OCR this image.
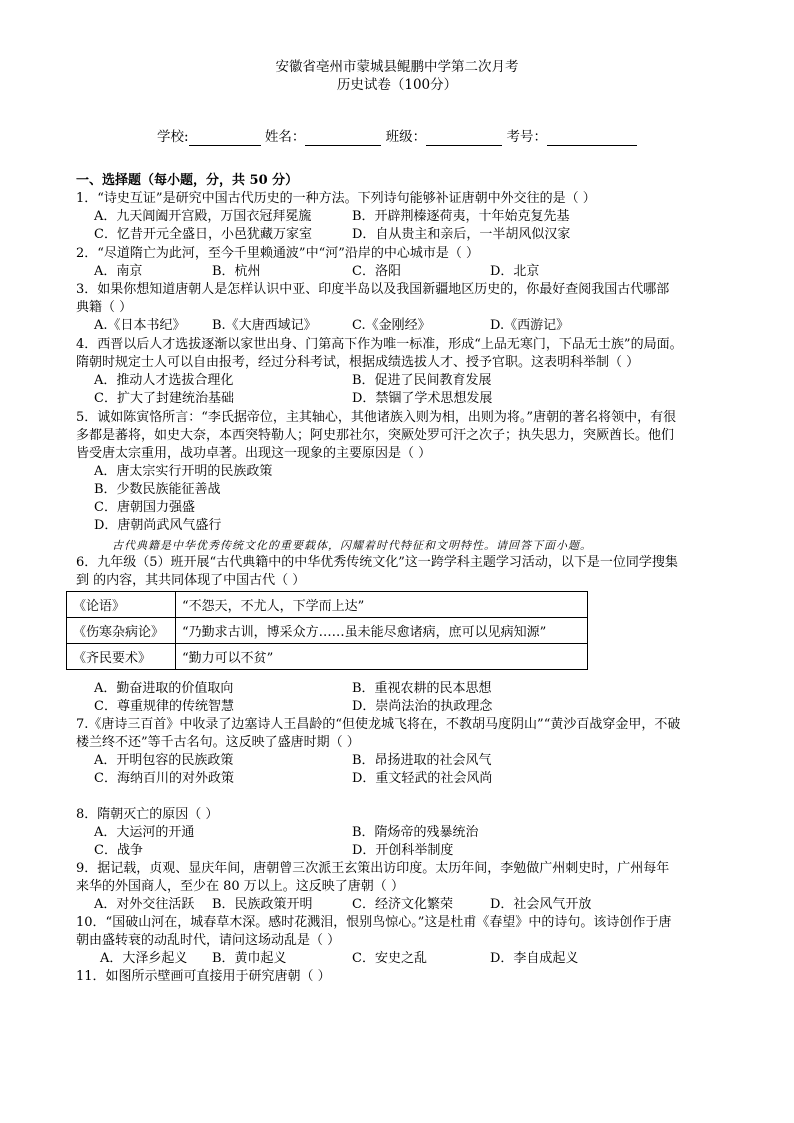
安徽省亳州市蒙城县鲲鹏中学第二次月考
历史试卷（100分）
学校:	姓名：	班级：	考号：
一、选择题（每小题，分，共 50 分）
1．“诗史互证”是研究中国古代历史的一种方法。下列诗句能够补证唐朝中外交往的是（ ）
A．九天阊阖开宫殿，万国衣冠拜冕旒	B．开辟荆榛逐荷夷，十年始克复先基
C．忆昔开元全盛日，小邑犹藏万家室	D．自从贵主和亲后，一半胡风似汉家
2．“尽道隋亡为此河，至今千里赖通波”中“河”沿岸的中心城市是（ ）
A．南京	B．杭州	C．洛阳	D．北京
3．如果你想知道唐朝人是怎样认识中亚、印度半岛以及我国新疆地区历史的，你最好查阅我国古代哪部
典籍（ ）
A.《日本书纪》 B.《大唐西域记》	C.《金刚经》	D.《西游记》
4．西晋以后人才选拔逐渐以家世出身、门第高下作为唯一标准，形成“上品无寒门，下品无士族”的局面。
隋朝时规定士人可以自由报考，经过分科考试，根据成绩选拔人才、授予官职。这表明科举制（ ）
A．推动人才选拔合理化	B．促进了民间教育发展
C．扩大了封建统治基础	D．禁锢了学术思想发展
5．诚如陈寅恪所言：“李氏据帝位，主其轴心，其他诸族入则为相，出则为将。”唐朝的著名将领中，有很
多都是蕃将，如史大奈，本西突特勒人；阿史那社尔，突厥处罗可汗之次子；执失思力，突厥酋长。他们
皆受唐太宗重用，战功卓著。出现这一现象的主要原因是（ ）
A．唐太宗实行开明的民族政策
B．少数民族能征善战
C．唐朝国力强盛
D．唐朝尚武风气盛行
古代典籍是中华优秀传统文化的重要载体，闪耀着时代特征和文明特性。请回答下面小题。
6．九年级（5）班开展“古代典籍中的中华优秀传统文化”这一跨学科主题学习活动，以下是一位同学搜集
到 的内容，其共同体现了中国古代（ ）
《论语》	“不怨天，不尤人，下学而上达”
《伤寒杂病论》	“乃勤求古训，博采众方……虽未能尽愈诸病，庶可以见病知源”
《齐民要术》	“勤力可以不贫”
A．勤奋进取的价值取向	B．重视农耕的民本思想
C．尊重规律的传统智慧	D．崇尚法治的执政理念
7.《唐诗三百首》中收录了边塞诗人王昌龄的“但使龙城飞将在，不教胡马度阴山”“黄沙百战穿金甲，不破
楼兰终不还”等千古名句。这反映了盛唐时期（ ）
A．开明包容的民族政策	B．昂扬进取的社会风气
C．海纳百川的对外政策	D．重文轻武的社会风尚
8．隋朝灭亡的原因（ ）
A．大运河的开通	B．隋炀帝的残暴统治
C．战争	D．开创科举制度
9．据记载，贞观、显庆年间，唐朝曾三次派王玄策出访印度。太历年间，李勉做广州刺史时，广州每年
来华的外国商人，至少在 80 万以上。这反映了唐朝（ ）
A．对外交往活跃 B．民族政策开明	C．经济文化繁荣	D．社会风气开放
10．“国破山河在，城春草木深。感时花溅泪，恨别鸟惊心。”这是杜甫《春望》中的诗句。该诗创作于唐
朝由盛转衰的动乱时代，请问这场动乱是（ ）
A．大泽乡起义 B．黄巾起义	C．安史之乱	D．李自成起义
11．如图所示壁画可直接用于研究唐朝（ ）
